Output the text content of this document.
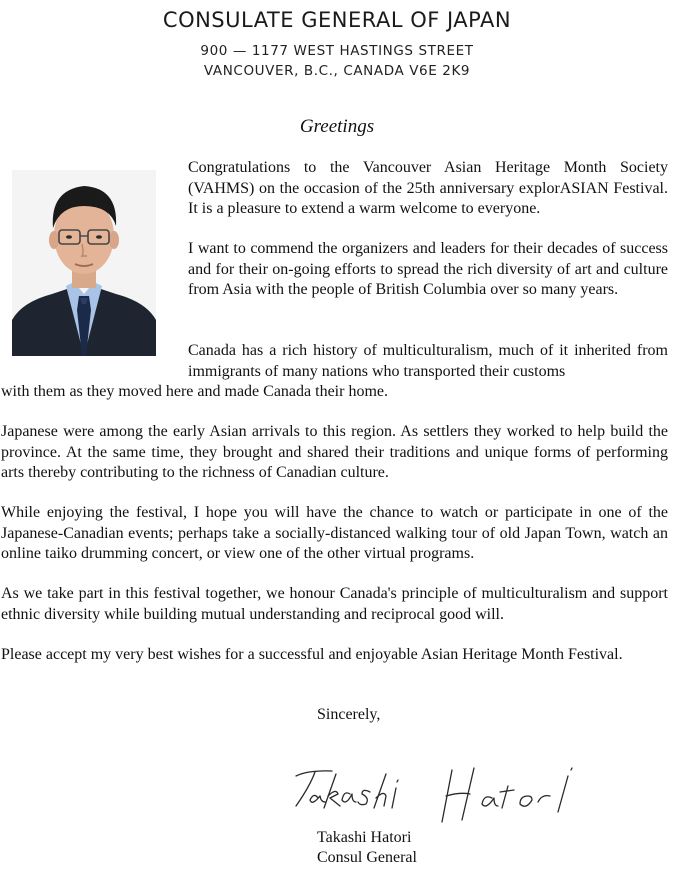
CONSULATE GENERAL OF JAPAN
900 — 1177 WEST HASTINGS STREET
VANCOUVER, B.C., CANADA V6E 2K9
Greetings

Congratulations to the Vancouver Asian Heritage Month Society (VAHMS) on the occasion of the 25th anniversary explorASIAN Festival. It is a pleasure to extend a warm welcome to everyone.

I want to commend the organizers and leaders for their decades of success and for their on-going efforts to spread the rich diversity of art and culture from Asia with the people of British Columbia over so many years.

Canada has a rich history of multiculturalism, much of it inherited from immigrants of many nations who transported their customs

with them as they moved here and made Canada their home.

Japanese were among the early Asian arrivals to this region. As settlers they worked to help build the province. At the same time, they brought and shared their traditions and unique forms of performing arts thereby contributing to the richness of Canadian culture.

While enjoying the festival, I hope you will have the chance to watch or participate in one of the Japanese-Canadian events; perhaps take a socially-distanced walking tour of old Japan Town, watch an online taiko drumming concert, or view one of the other virtual programs.

As we take part in this festival together, we honour Canada's principle of multiculturalism and support ethnic diversity while building mutual understanding and reciprocal good will.

Please accept my very best wishes for a successful and enjoyable Asian Heritage Month Festival.

Sincerely,
Takashi Hatori
Consul General
